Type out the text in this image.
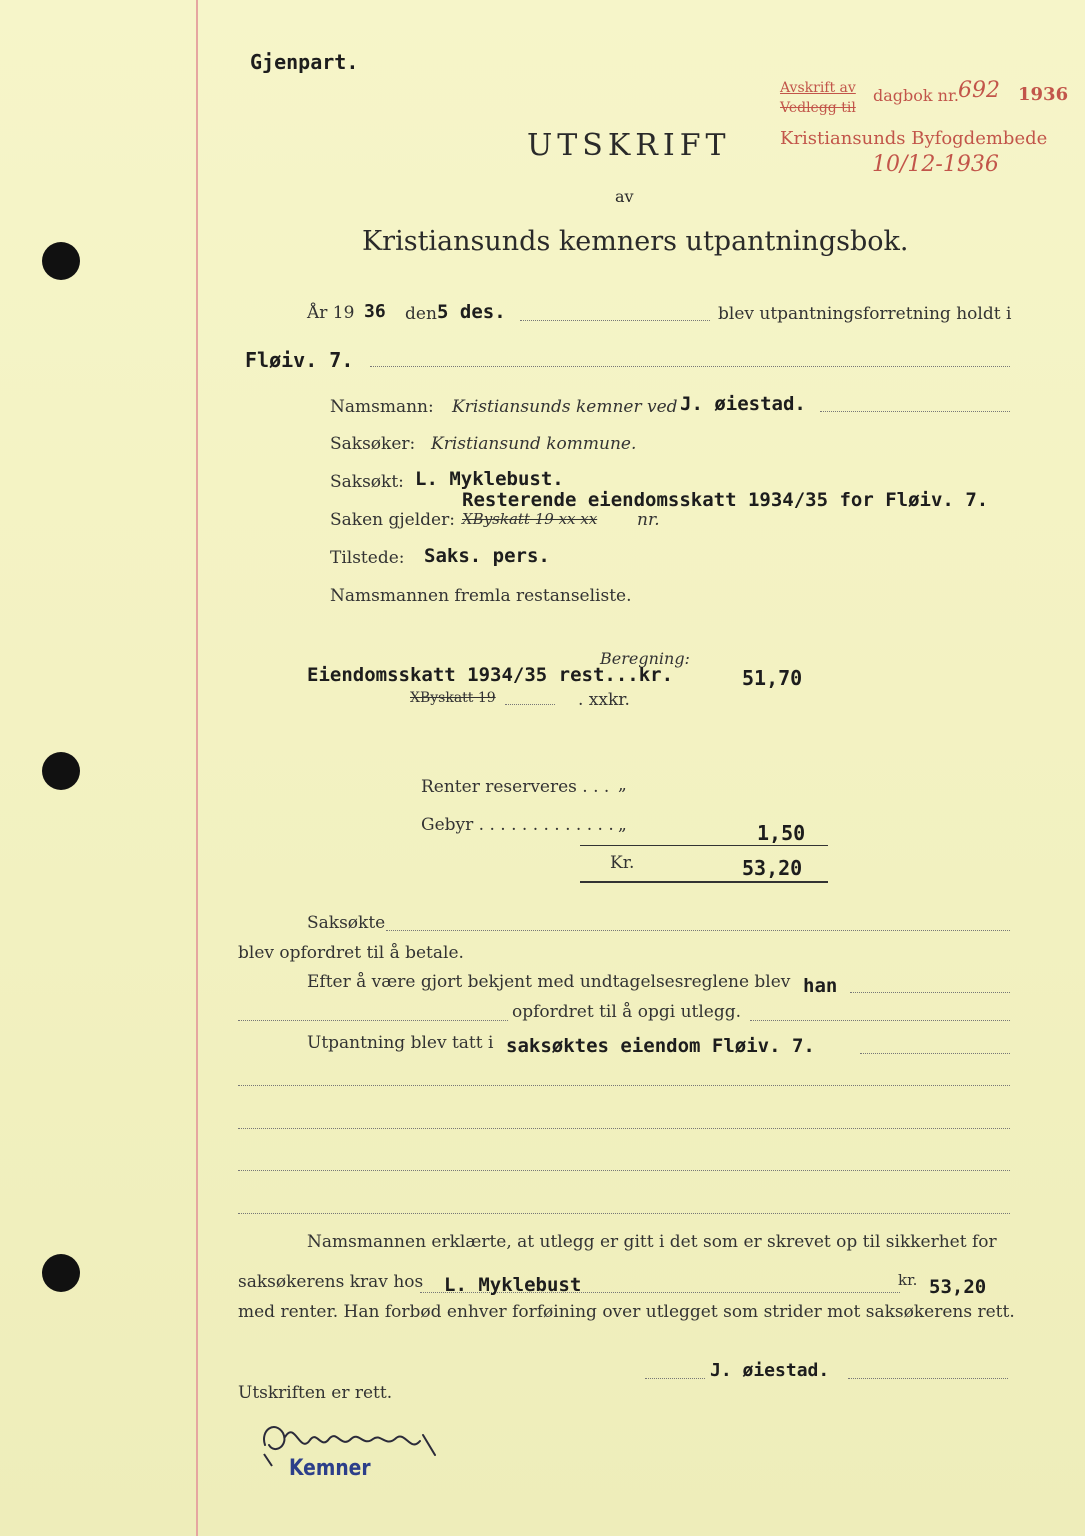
Gjenpart.
Avskrift av
Vedlegg til
dagbok nr. 692 1936
Kristiansunds Byfogdembede
10/12-1936
UTSKRIFT
av
Kristiansunds kemners utpantningsbok.
År 19 36 den 5 des.	blev utpantningsforretning holdt i
Fløiv. 7.
Namsmann: Kristiansunds kemner ved J. øiestad.
Saksøker: Kristiansund kommune.
Saksøkt: L. Myklebust.
Resterende eiendomsskatt 1934/35 for Fløiv. 7.
Saken gjelder: XByskatt 19 xx xx nr.
Tilstede: Saks. pers.
Namsmannen fremla restanseliste.
Beregning:
Eiendomsskatt 1934/35 rest...kr.	51,70
XByskatt 19	. xxkr.
Renter reserveres . . . „
Gebyr . . . . . . . . . . . . . „	1,50
Kr.	53,20
Saksøkte
blev opfordret til å betale.
Efter å være gjort bekjent med undtagelsesreglene blev han
opfordret til å opgi utlegg.
Utpantning blev tatt i saksøktes eiendom Fløiv. 7.
Namsmannen erklærte, at utlegg er gitt i det som er skrevet op til sikkerhet for
saksøkerens krav hos L. Myklebust	kr. 53,20
med renter. Han forbød enhver forføining over utlegget som strider mot saksøkerens rett.
J. øiestad.
Utskriften er rett.
Ofmanely
Kemner
